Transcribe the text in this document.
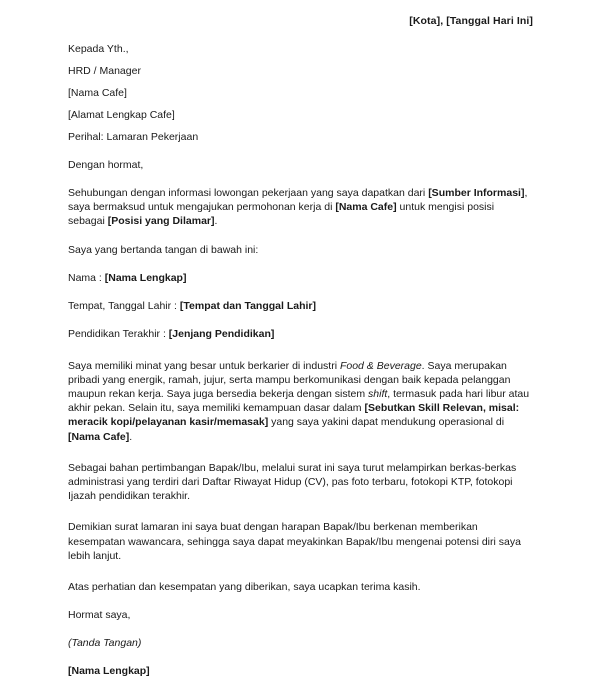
[Kota], [Tanggal Hari Ini]
Kepada Yth.,
HRD / Manager
[Nama Cafe]
[Alamat Lengkap Cafe]
Perihal: Lamaran Pekerjaan
Dengan hormat,
Sehubungan dengan informasi lowongan pekerjaan yang saya dapatkan dari [Sumber Informasi], saya bermaksud untuk mengajukan permohonan kerja di [Nama Cafe] untuk mengisi posisi sebagai [Posisi yang Dilamar].
Saya yang bertanda tangan di bawah ini:
Nama : [Nama Lengkap]
Tempat, Tanggal Lahir : [Tempat dan Tanggal Lahir]
Pendidikan Terakhir : [Jenjang Pendidikan]
Saya memiliki minat yang besar untuk berkarier di industri Food & Beverage. Saya merupakan pribadi yang energik, ramah, jujur, serta mampu berkomunikasi dengan baik kepada pelanggan maupun rekan kerja. Saya juga bersedia bekerja dengan sistem shift, termasuk pada hari libur atau akhir pekan. Selain itu, saya memiliki kemampuan dasar dalam [Sebutkan Skill Relevan, misal: meracik kopi/pelayanan kasir/memasak] yang saya yakini dapat mendukung operasional di [Nama Cafe].
Sebagai bahan pertimbangan Bapak/Ibu, melalui surat ini saya turut melampirkan berkas-berkas administrasi yang terdiri dari Daftar Riwayat Hidup (CV), pas foto terbaru, fotokopi KTP, fotokopi Ijazah pendidikan terakhir.
Demikian surat lamaran ini saya buat dengan harapan Bapak/Ibu berkenan memberikan kesempatan wawancara, sehingga saya dapat meyakinkan Bapak/Ibu mengenai potensi diri saya lebih lanjut.
Atas perhatian dan kesempatan yang diberikan, saya ucapkan terima kasih.
Hormat saya,
(Tanda Tangan)
[Nama Lengkap]
